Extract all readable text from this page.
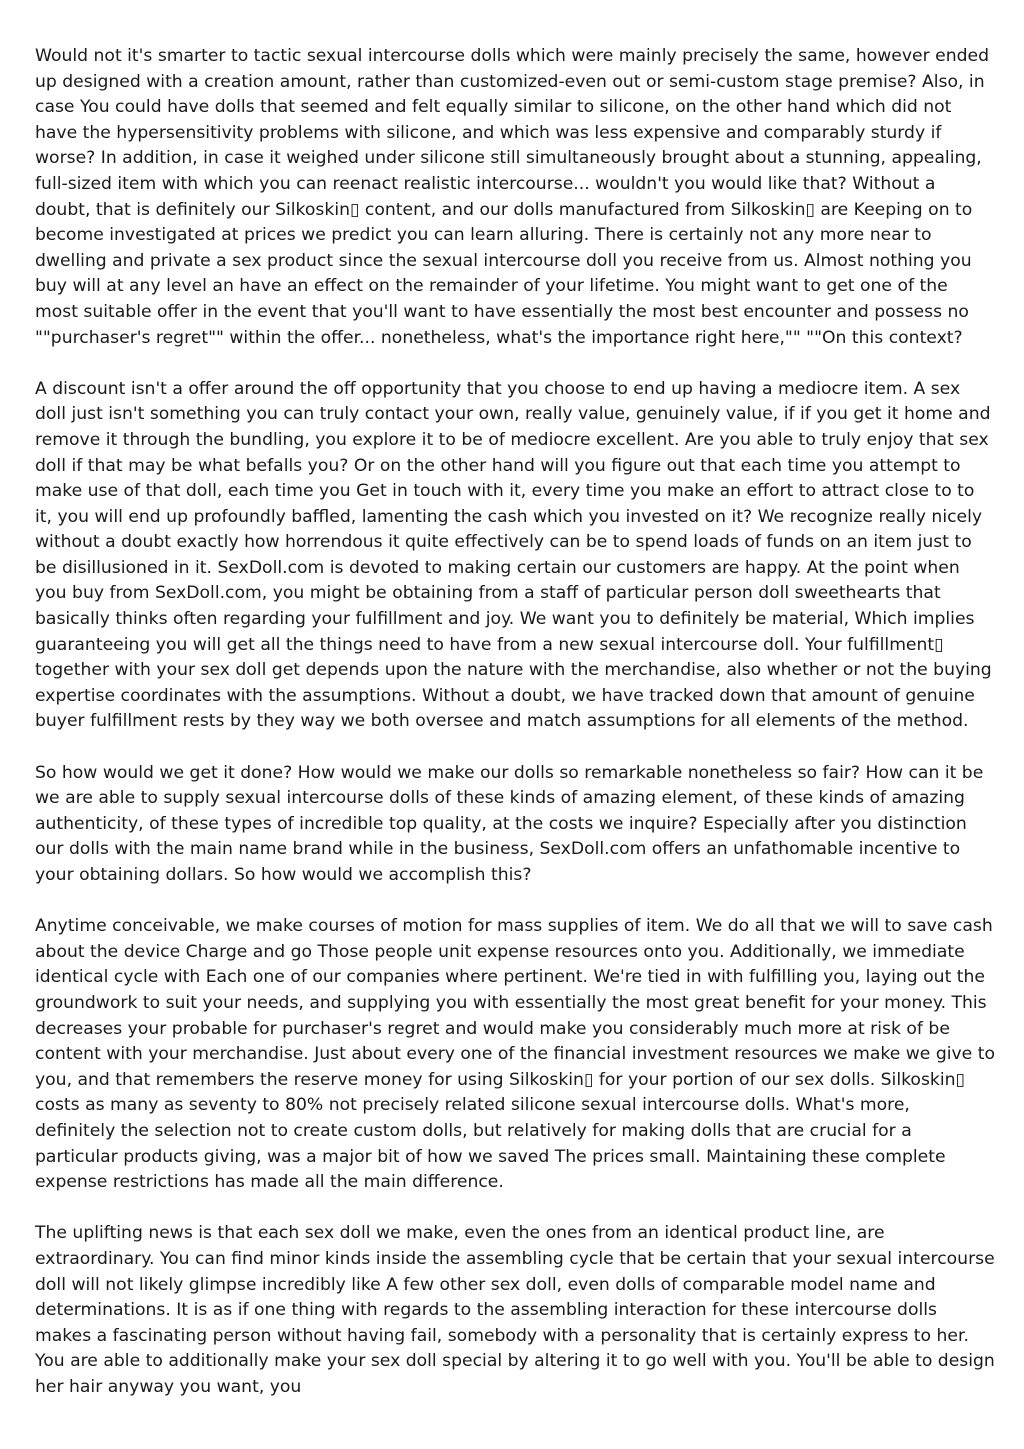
Would not it's smarter to tactic sexual intercourse dolls which were mainly precisely the same, however ended up designed with a creation amount, rather than customized-even out or semi-custom stage premise? Also, in case You could have dolls that seemed and felt equally similar to silicone, on the other hand which did not have the hypersensitivity problems with silicone, and which was less expensive and comparably sturdy if worse? In addition, in case it weighed under silicone still simultaneously brought about a stunning, appealing, full-sized item with which you can reenact realistic intercourse... wouldn't you would like that? Without a doubt, that is definitely our Silkoskin▯ content, and our dolls manufactured from Silkoskin▯ are Keeping on to become investigated at prices we predict you can learn alluring. There is certainly not any more near to dwelling and private a sex product since the sexual intercourse doll you receive from us. Almost nothing you buy will at any level an have an effect on the remainder of your lifetime. You might want to get one of the most suitable offer in the event that you'll want to have essentially the most best encounter and possess no ""purchaser's regret"" within the offer... nonetheless, what's the importance right here,"" ""On this context?

A discount isn't a offer around the off opportunity that you choose to end up having a mediocre item. A sex doll just isn't something you can truly contact your own, really value, genuinely value, if if you get it home and remove it through the bundling, you explore it to be of mediocre excellent. Are you able to truly enjoy that sex doll if that may be what befalls you? Or on the other hand will you figure out that each time you attempt to make use of that doll, each time you Get in touch with it, every time you make an effort to attract close to to it, you will end up profoundly baffled, lamenting the cash which you invested on it? We recognize really nicely without a doubt exactly how horrendous it quite effectively can be to spend loads of funds on an item just to be disillusioned in it. SexDoll.com is devoted to making certain our customers are happy. At the point when you buy from SexDoll.com, you might be obtaining from a staff of particular person doll sweethearts that basically thinks often regarding your fulfillment and joy. We want you to definitely be material, Which implies guaranteeing you will get all the things need to have from a new sexual intercourse doll. Your fulfillment▯ together with your sex doll get depends upon the nature with the merchandise, also whether or not the buying expertise coordinates with the assumptions. Without a doubt, we have tracked down that amount of genuine buyer fulfillment rests by they way we both oversee and match assumptions for all elements of the method.

So how would we get it done? How would we make our dolls so remarkable nonetheless so fair? How can it be we are able to supply sexual intercourse dolls of these kinds of amazing element, of these kinds of amazing authenticity, of these types of incredible top quality, at the costs we inquire? Especially after you distinction our dolls with the main name brand while in the business, SexDoll.com offers an unfathomable incentive to your obtaining dollars. So how would we accomplish this?

Anytime conceivable, we make courses of motion for mass supplies of item. We do all that we will to save cash about the device Charge and go Those people unit expense resources onto you. Additionally, we immediate identical cycle with Each one of our companies where pertinent. We're tied in with fulfilling you, laying out the groundwork to suit your needs, and supplying you with essentially the most great benefit for your money. This decreases your probable for purchaser's regret and would make you considerably much more at risk of be content with your merchandise. Just about every one of the financial investment resources we make we give to you, and that remembers the reserve money for using Silkoskin▯ for your portion of our sex dolls. Silkoskin▯ costs as many as seventy to 80% not precisely related silicone sexual intercourse dolls. What's more, definitely the selection not to create custom dolls, but relatively for making dolls that are crucial for a particular products giving, was a major bit of how we saved The prices small. Maintaining these complete expense restrictions has made all the main difference.

The uplifting news is that each sex doll we make, even the ones from an identical product line, are extraordinary. You can find minor kinds inside the assembling cycle that be certain that your sexual intercourse doll will not likely glimpse incredibly like A few other sex doll, even dolls of comparable model name and determinations. It is as if one thing with regards to the assembling interaction for these intercourse dolls makes a fascinating person without having fail, somebody with a personality that is certainly express to her. You are able to additionally make your sex doll special by altering it to go well with you. You'll be able to design her hair anyway you want, you
